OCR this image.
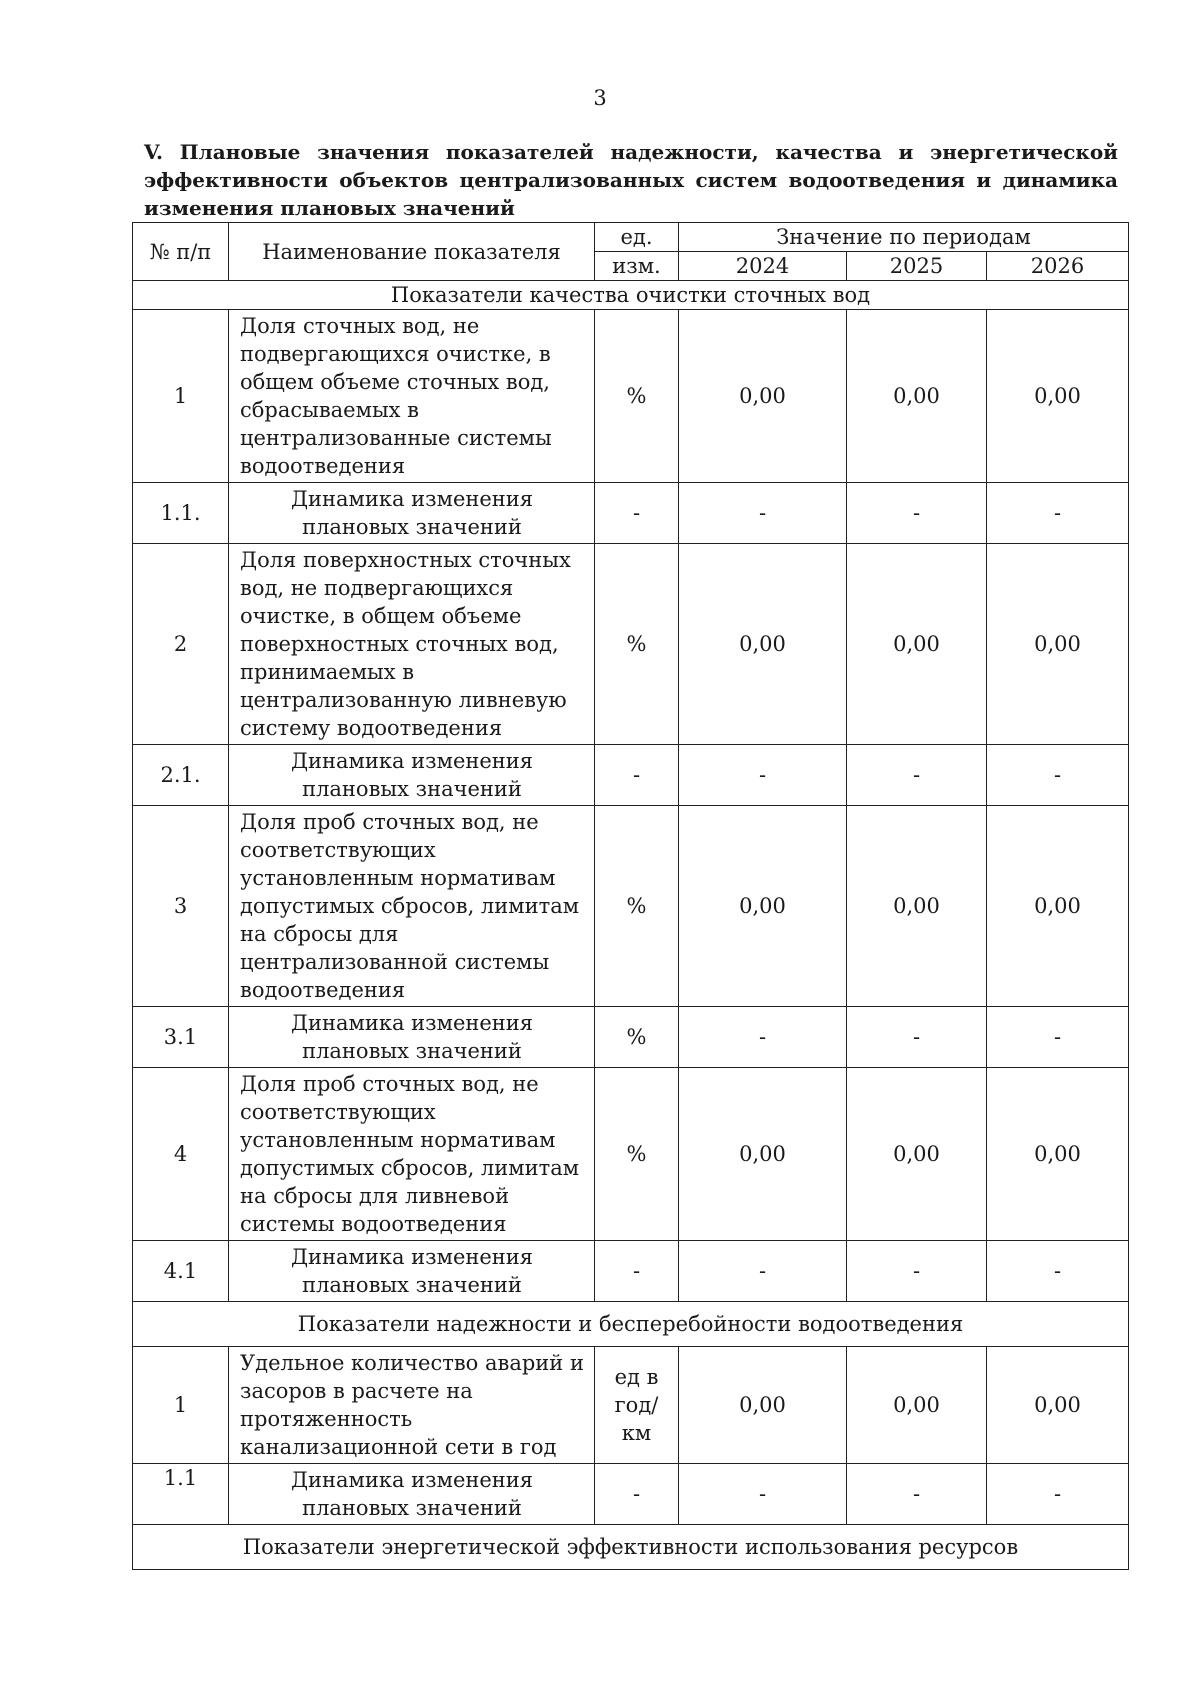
3
V. Плановые значения показателей надежности, качества и энергетической эффективности объектов централизованных систем водоотведения и динамика изменения плановых значений
№ п/п	Наименование показателя	ед.	Значение по периодам		
		изм.	2024	2025	2026
Показатели качества очистки сточных вод					
1	Доля сточных вод, не подвергающихся очистке, в общем объеме сточных вод, сбрасываемых в централизованные системы водоотведения	%	0,00	0,00	0,00
1.1.	Динамика изменения плановых значений	-	-	-	-
2	Доля поверхностных сточных вод, не подвергающихся очистке, в общем объеме поверхностных сточных вод, принимаемых в централизованную ливневую систему водоотведения	%	0,00	0,00	0,00
2.1.	Динамика изменения плановых значений	-	-	-	-
3	Доля проб сточных вод, не соответствующих установленным нормативам допустимых сбросов, лимитам на сбросы для централизованной системы водоотведения	%	0,00	0,00	0,00
3.1	Динамика изменения плановых значений	%	-	-	-
4	Доля проб сточных вод, не соответствующих установленным нормативам допустимых сбросов, лимитам на сбросы для ливневой системы водоотведения	%	0,00	0,00	0,00
4.1	Динамика изменения плановых значений	-	-	-	-
Показатели надежности и бесперебойности водоотведения					
1	Удельное количество аварий и засоров в расчете на протяженность канализационной сети в год	ед в год/ км	0,00	0,00	0,00
1.1	Динамика изменения плановых значений	-	-	-	-
Показатели энергетической эффективности использования ресурсов					
